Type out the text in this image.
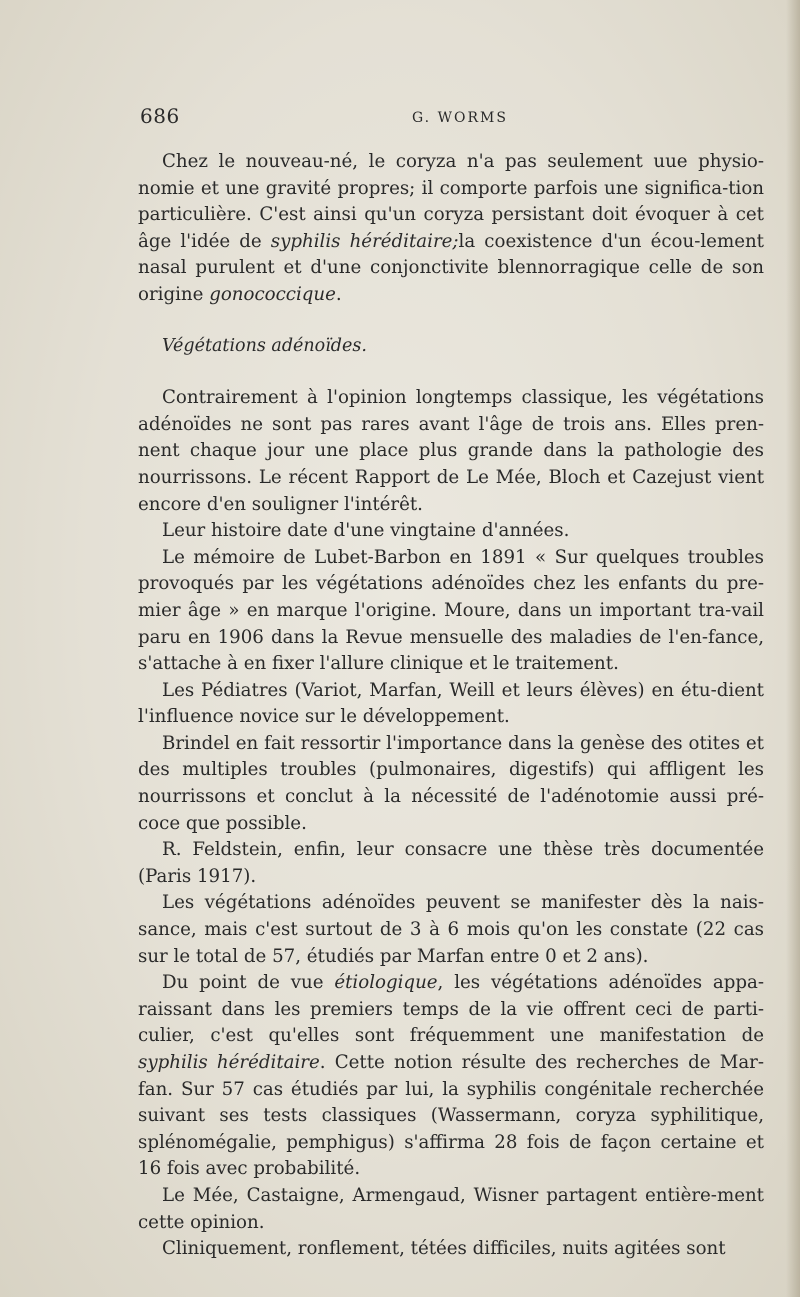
686	G. WORMS

Chez le nouveau-né, le coryza n'a pas seulement uue physio-nomie et une gravité propres; il comporte parfois une significa-tion particulière. C'est ainsi qu'un coryza persistant doit évoquer à cet âge l'idée de syphilis héréditaire;la coexistence d'un écou-lement nasal purulent et d'une conjonctivite blennorragique celle de son origine gonococcique.

Végétations adénoïdes.

Contrairement à l'opinion longtemps classique, les végétations adénoïdes ne sont pas rares avant l'âge de trois ans. Elles pren-nent chaque jour une place plus grande dans la pathologie des nourrissons. Le récent Rapport de Le Mée, Bloch et Cazejust vient encore d'en souligner l'intérêt.

Leur histoire date d'une vingtaine d'années.

Le mémoire de Lubet-Barbon en 1891 « Sur quelques troubles provoqués par les végétations adénoïdes chez les enfants du pre-mier âge » en marque l'origine. Moure, dans un important tra-vail paru en 1906 dans la Revue mensuelle des maladies de l'en-fance, s'attache à en fixer l'allure clinique et le traitement.

Les Pédiatres (Variot, Marfan, Weill et leurs élèves) en étu-dient l'influence novice sur le développement.

Brindel en fait ressortir l'importance dans la genèse des otites et des multiples troubles (pulmonaires, digestifs) qui affligent les nourrissons et conclut à la nécessité de l'adénotomie aussi pré-coce que possible.

R. Feldstein, enfin, leur consacre une thèse très documentée (Paris 1917).

Les végétations adénoïdes peuvent se manifester dès la nais-sance, mais c'est surtout de 3 à 6 mois qu'on les constate (22 cas sur le total de 57, étudiés par Marfan entre 0 et 2 ans).

Du point de vue étiologique, les végétations adénoïdes appa-raissant dans les premiers temps de la vie offrent ceci de parti-culier, c'est qu'elles sont fréquemment une manifestation de syphilis héréditaire. Cette notion résulte des recherches de Mar-fan. Sur 57 cas étudiés par lui, la syphilis congénitale recherchée suivant ses tests classiques (Wassermann, coryza syphilitique, splénomégalie, pemphigus) s'affirma 28 fois de façon certaine et 16 fois avec probabilité.

Le Mée, Castaigne, Armengaud, Wisner partagent entière-ment cette opinion.

Cliniquement, ronflement, tétées difficiles, nuits agitées sont
